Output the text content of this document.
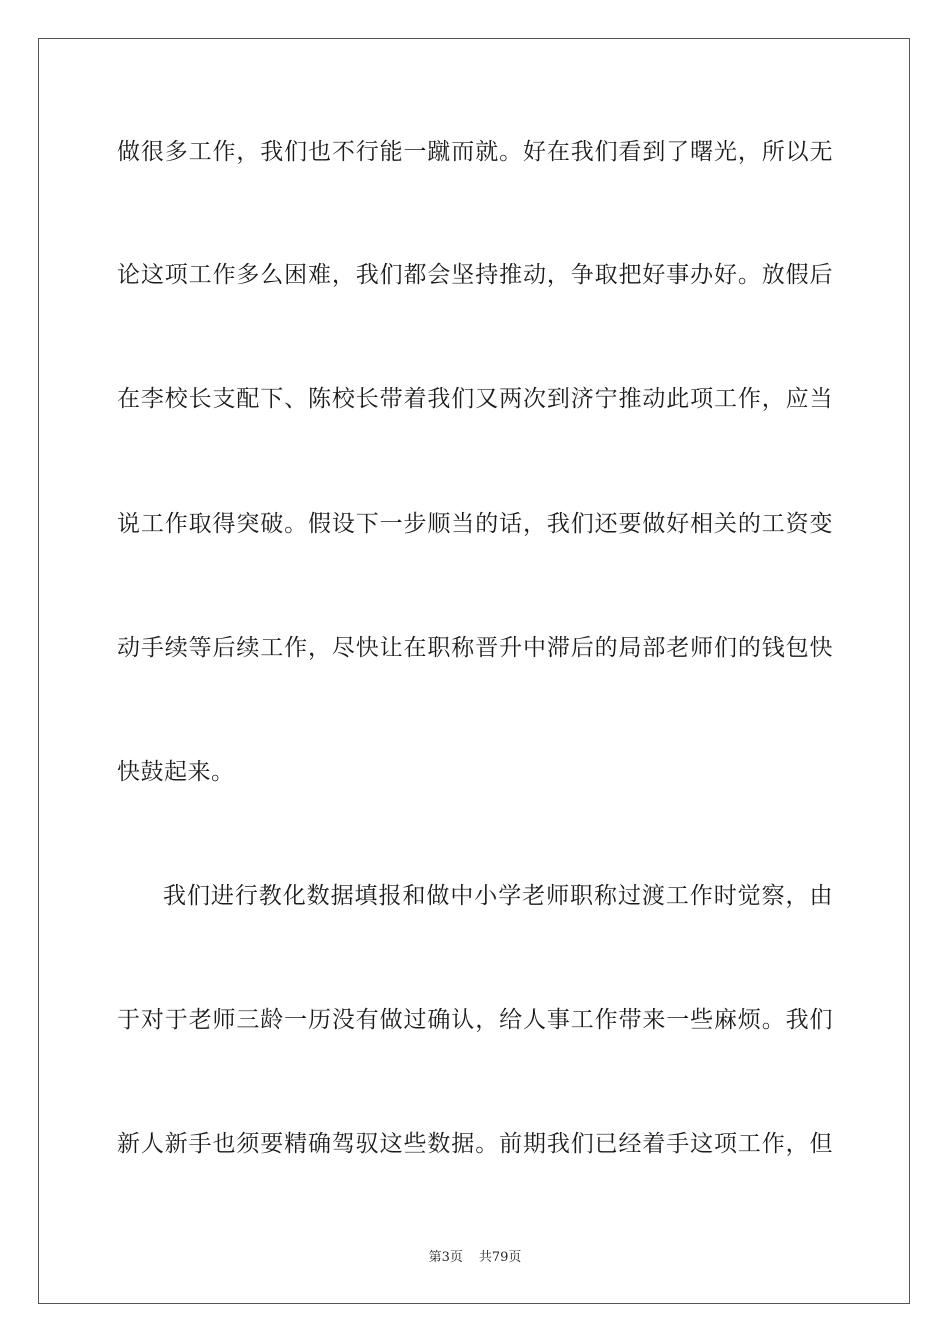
做很多工作，我们也不行能一蹴而就。好在我们看到了曙光，所以无
论这项工作多么困难，我们都会坚持推动，争取把好事办好。放假后
在李校长支配下、陈校长带着我们又两次到济宁推动此项工作，应当
说工作取得突破。假设下一步顺当的话，我们还要做好相关的工资变
动手续等后续工作，尽快让在职称晋升中滞后的局部老师们的钱包快
快鼓起来。
我们进行教化数据填报和做中小学老师职称过渡工作时觉察，由
于对于老师三龄一历没有做过确认，给人事工作带来一些麻烦。我们
新人新手也须要精确驾驭这些数据。前期我们已经着手这项工作，但
第3页 共79页
